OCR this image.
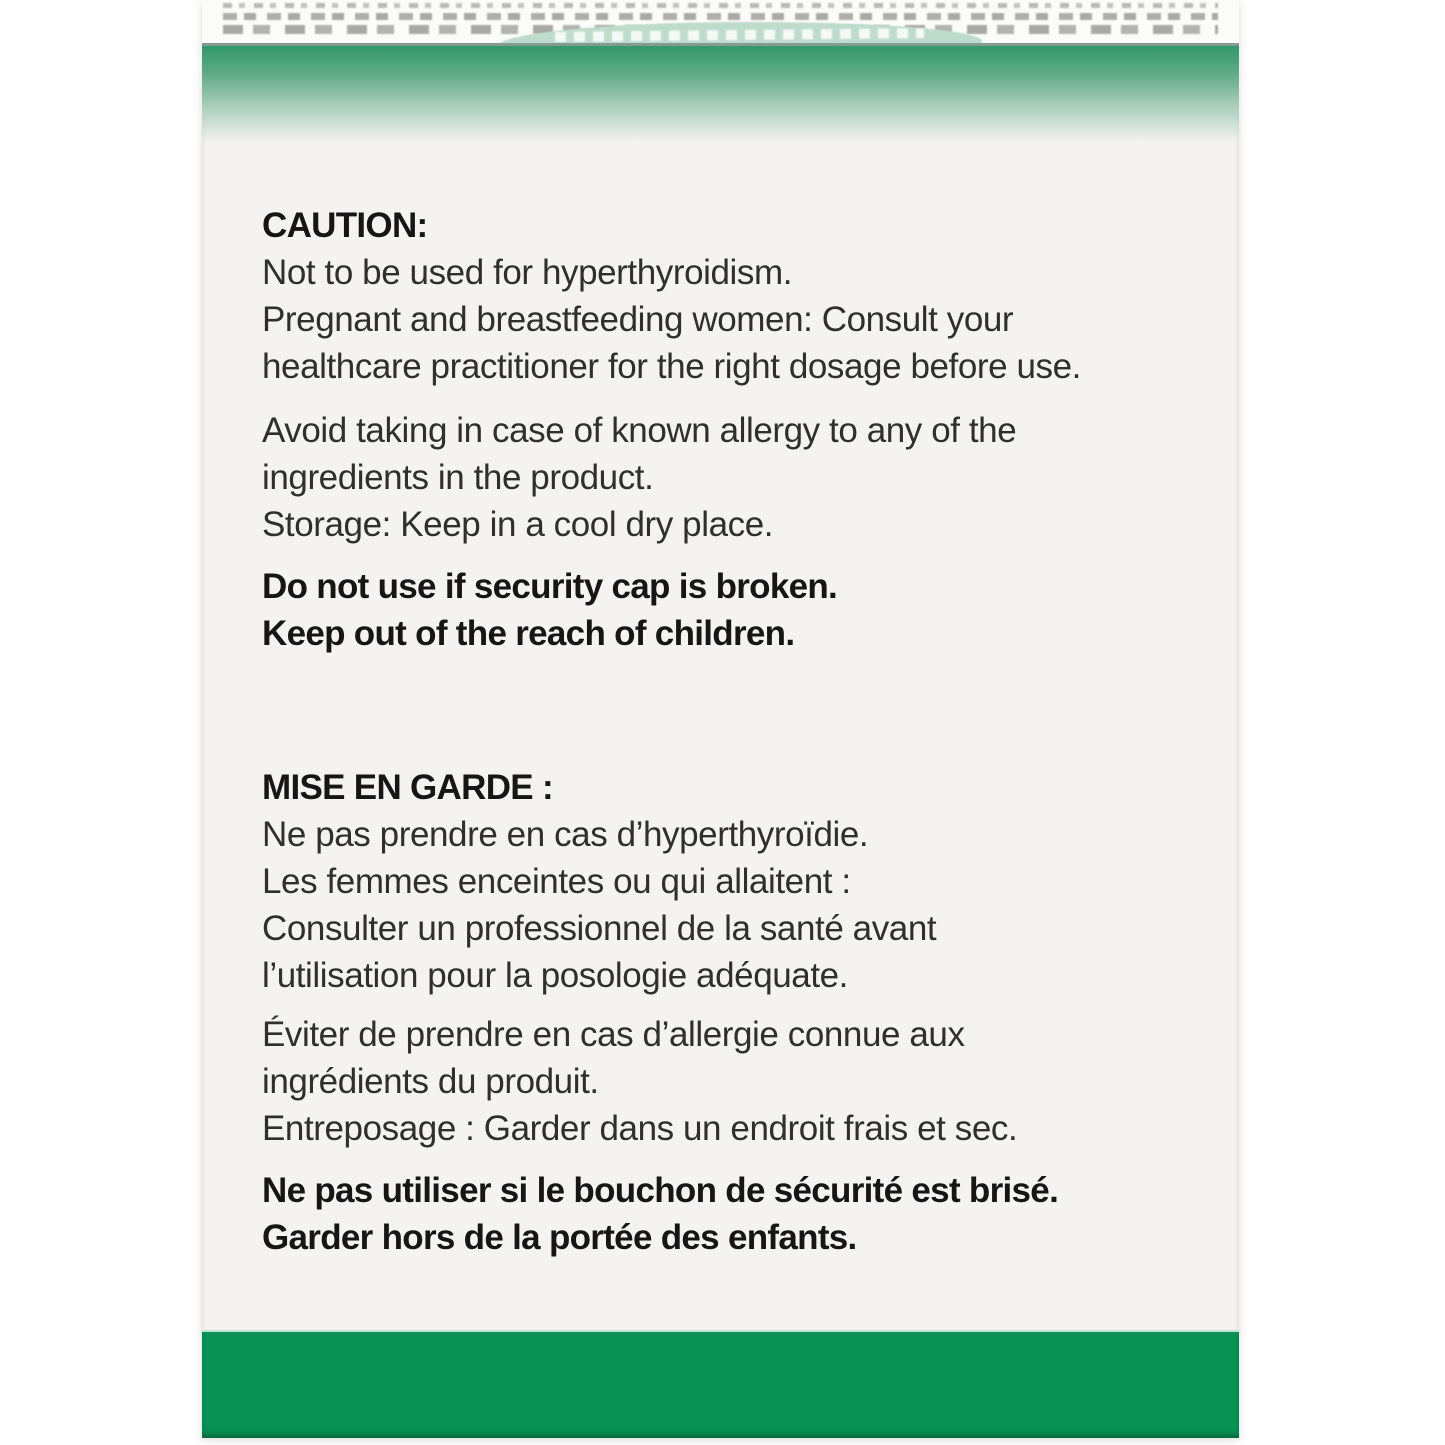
CAUTION:
Not to be used for hyperthyroidism.
Pregnant and breastfeeding women: Consult your
healthcare practitioner for the right dosage before use.
Avoid taking in case of known allergy to any of the
ingredients in the product.
Storage: Keep in a cool dry place.
Do not use if security cap is broken.
Keep out of the reach of children.
MISE EN GARDE :
Ne pas prendre en cas d’hyperthyroïdie.
Les femmes enceintes ou qui allaitent :
Consulter un professionnel de la santé avant
l’utilisation pour la posologie adéquate.
Éviter de prendre en cas d’allergie connue aux
ingrédients du produit.
Entreposage : Garder dans un endroit frais et sec.
Ne pas utiliser si le bouchon de sécurité est brisé.
Garder hors de la portée des enfants.
